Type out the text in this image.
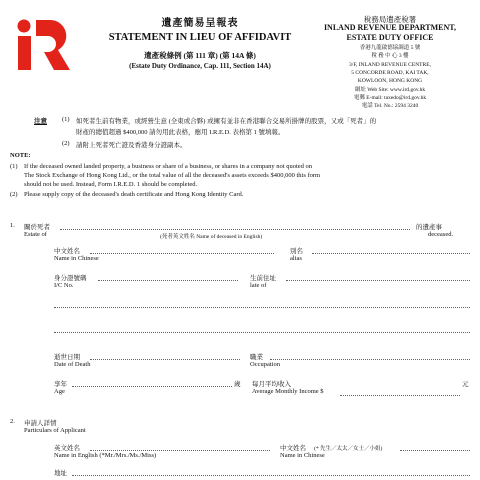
遺產簡易呈報表
STATEMENT IN LIEU OF AFFIDAVIT
遺產稅條例 (第 111 章) (第 14A 條)
(Estate Duty Ordinance, Cap. 111, Section 14A)
稅務局遺產稅署
INLAND REVENUE DEPARTMENT,
ESTATE DUTY OFFICE
香港九龍啟德協調道 5 號
稅 務 中 心 3 樓
3/F, INLAND REVENUE CENTRE,
5 CONCORDE ROAD, KAI TAK,
KOWLOON, HONG KONG
網址 Web Site: www.ird.gov.hk
電郵 E-mail: taxedo@ird.gov.hk
電話 Tel. No.: 2594 3240
注意 (1) 如死者生前有物業，或經營生意 (全東或合夥) 或擁有並非在香港聯合交易所掛牌的股票，又或「死者」的
財產的總值超過 $400,000 請勿用此表格，應用 I.R.E.D. 表格第 1 號填報。
(2) 請附上死者死亡證及香港身分證副本。
NOTE:
(1) If the deceased owned landed property, a business or share of a business, or shares in a company not quoted on
The Stock Exchange of Hong Kong Ltd., or the total value of all the deceased's assets exceeds $400,000 this form
should not be used. Instead, Form I.R.E.D. 1 should be completed.
(2) Please supply copy of the deceased's death certificate and Hong Kong Identity Card.
1. 關於死者
Estate of	(死者英文姓名 Name of deceased in English)
的遺產事
deceased.
中文姓名
Name in Chinese
別名
alias
身分證號碼
I/C No.
生前住址
late of
逝世日期
Date of Death
職業
Occupation
享年
Age
歲 每月平均收入
Average Monthly Income $
元
2. 申請人詳情
Particulars of Applicant
英文姓名
Name in English (*Mr./Mrs./Ms./Miss)
中文姓名 (* 先生／太太／女士／小姐)
Name in Chinese
地址
